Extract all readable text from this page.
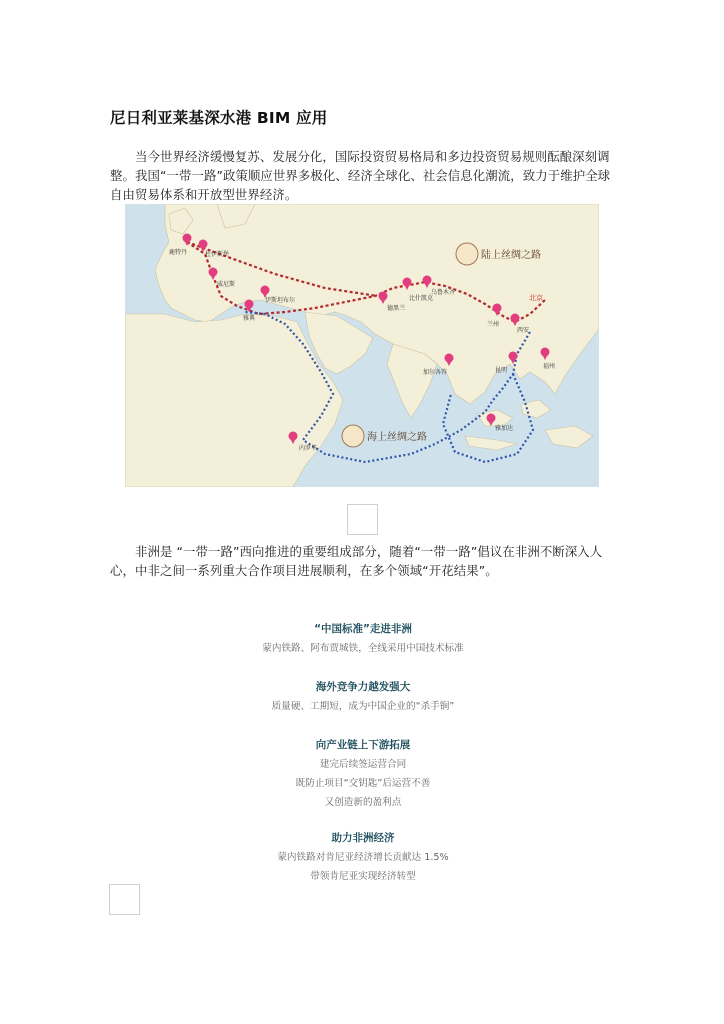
尼日利亚莱基深水港 BIM 应用

当今世界经济缓慢复苏、发展分化，国际投资贸易格局和多边投资贸易规则酝酿深刻调整。我国“一带一路”政策顺应世界多极化、经济全球化、社会信息化潮流，致力于维护全球自由贸易体系和开放型世界经济。

陆上丝绸之路
海上丝绸之路
鹿特丹	杜伊斯堡
威尼斯
雅典
伊斯坦布尔
德黑兰
比什凯克
乌鲁木齐
兰州
西安
北京
昆明
福州
加尔各答
雅加达
内罗毕

非洲是 “一带一路”西向推进的重要组成部分，随着“一带一路”倡议在非洲不断深入人心，中非之间一系列重大合作项目进展顺利，在多个领域“开花结果”。

“中国标准”走进非洲
蒙内铁路、阿布贾城铁，全线采用中国技术标准
海外竞争力越发强大
质量硬、工期短，成为中国企业的“杀手锏”
向产业链上下游拓展
建完后续签运营合同
既防止项目“交钥匙”后运营不善
又创造新的盈利点
助力非洲经济
蒙内铁路对肯尼亚经济增长贡献达 1.5%
带领肯尼亚实现经济转型
